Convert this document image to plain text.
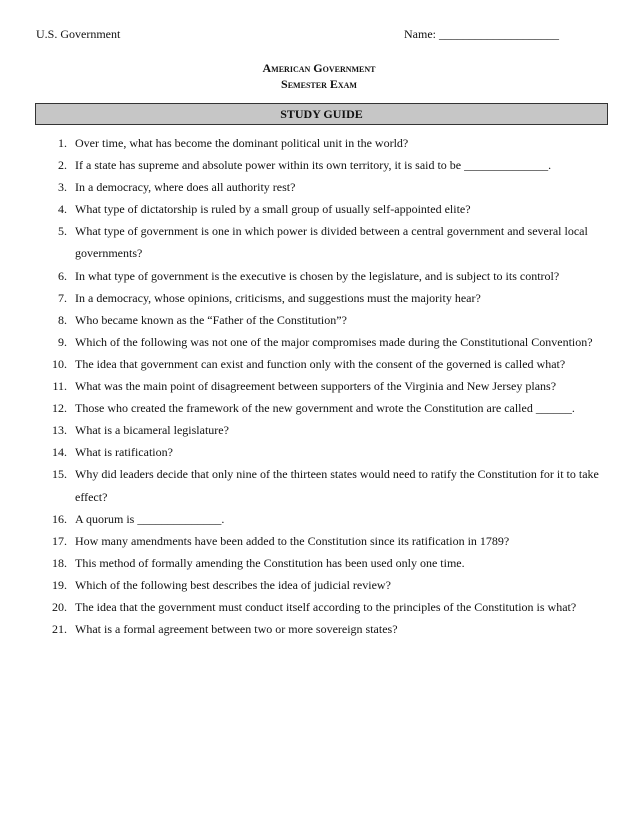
U.S. Government	Name: ____________________
American Government
Semester Exam
STUDY GUIDE
1. Over time, what has become the dominant political unit in the world?
2. If a state has supreme and absolute power within its own territory, it is said to be ______________.
3. In a democracy, where does all authority rest?
4. What type of dictatorship is ruled by a small group of usually self-appointed elite?
5. What type of government is one in which power is divided between a central government and several local governments?
6. In what type of government is the executive is chosen by the legislature, and is subject to its control?
7. In a democracy, whose opinions, criticisms, and suggestions must the majority hear?
8. Who became known as the “Father of the Constitution”?
9. Which of the following was not one of the major compromises made during the Constitutional Convention?
10. The idea that government can exist and function only with the consent of the governed is called what?
11. What was the main point of disagreement between supporters of the Virginia and New Jersey plans?
12. Those who created the framework of the new government and wrote the Constitution are called ______.
13. What is a bicameral legislature?
14. What is ratification?
15. Why did leaders decide that only nine of the thirteen states would need to ratify the Constitution for it to take effect?
16. A quorum is ______________.
17. How many amendments have been added to the Constitution since its ratification in 1789?
18. This method of formally amending the Constitution has been used only one time.
19. Which of the following best describes the idea of judicial review?
20. The idea that the government must conduct itself according to the principles of the Constitution is what?
21. What is a formal agreement between two or more sovereign states?
